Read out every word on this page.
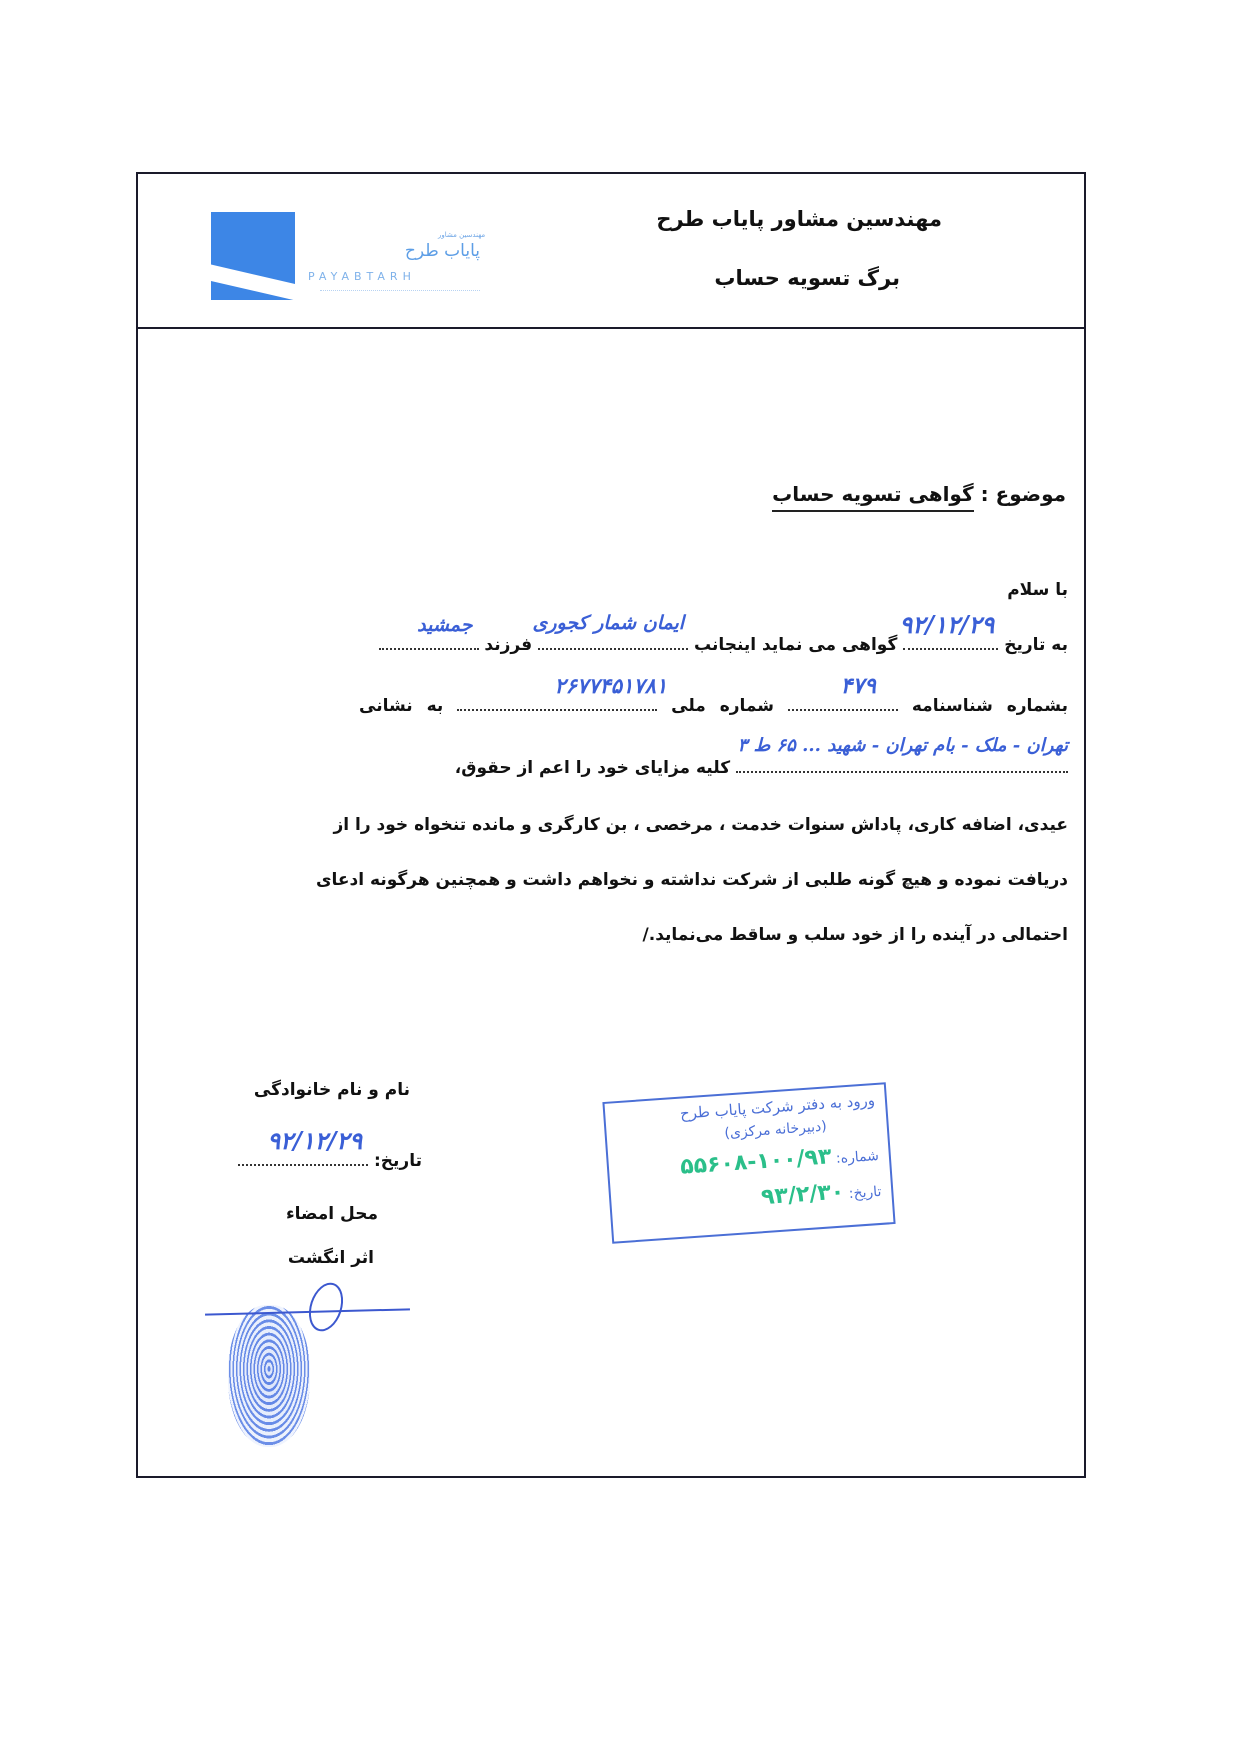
مهندسین مشاور پایاب طرح
برگ تسویه حساب
مهندسین مشاور
پایاب طرح
PAYABTARH
موضوع : گواهی تسویه حساب
با سلام
به تاریخ
۹۲/۱۲/۲۹
گواهی می نماید اینجانب
ایمان شمار کجوری
فرزند
جمشید
بشماره شناسنامه
۴۷۹
شماره ملی
۲۶۷۷۴۵۱۷۸۱
به نشانی
تهران - ملک - بام تهران - شهید ... ۶۵ ط ۳
کلیه مزایای خود را اعم از حقوق،
عیدی، اضافه کاری، پاداش سنوات خدمت ، مرخصی ، بن کارگری و مانده تنخواه خود را از
دریافت نموده و هیچ گونه طلبی از شرکت نداشته و نخواهم داشت و همچنین هرگونه ادعای
احتمالی در آینده را از خود سلب و ساقط می‌نماید./
نام و نام خانوادگی
تاریخ:
۹۲/۱۲/۲۹
محل امضاء
اثر انگشت
ورود به دفتر شرکت پایاب طرح
(دبیرخانه مرکزی)
شماره: ۱۰۰/۹۳-۵۵۶۰۸
تاریخ: ۹۳/۲/۳۰
